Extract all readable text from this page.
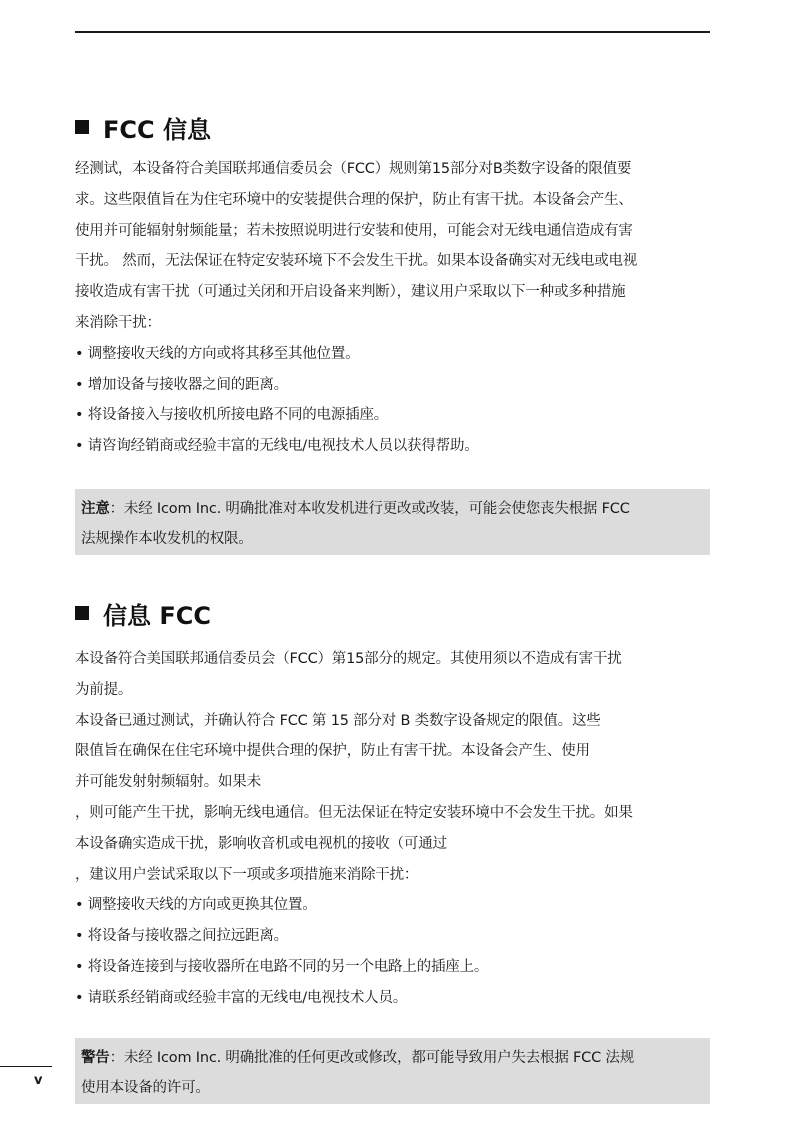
FCC 信息

经测试，本设备符合美国联邦通信委员会（FCC）规则第15部分对B类数字设备的限值要

求。这些限值旨在为住宅环境中的安装提供合理的保护，防止有害干扰。本设备会产生、

使用并可能辐射射频能量；若未按照说明进行安装和使用，可能会对无线电通信造成有害

干扰。 然而，无法保证在特定安装环境下不会发生干扰。如果本设备确实对无线电或电视

接收造成有害干扰（可通过关闭和开启设备来判断），建议用户采取以下一种或多种措施

来消除干扰：

• 调整接收天线的方向或将其移至其他位置。

• 增加设备与接收器之间的距离。

• 将设备接入与接收机所接电路不同的电源插座。

• 请咨询经销商或经验丰富的无线电/电视技术人员以获得帮助。

注意：未经 Icom Inc. 明确批准对本收发机进行更改或改装，可能会使您丧失根据 FCC
法规操作本收发机的权限。
信息 FCC

本设备符合美国联邦通信委员会（FCC）第15部分的规定。其使用须以不造成有害干扰

为前提。

本设备已通过测试，并确认符合 FCC 第 15 部分对 B 类数字设备规定的限值。这些

限值旨在确保在住宅环境中提供合理的保护，防止有害干扰。本设备会产生、使用

并可能发射射频辐射。如果未

，则可能产生干扰，影响无线电通信。但无法保证在特定安装环境中不会发生干扰。如果

本设备确实造成干扰，影响收音机或电视机的接收（可通过

，建议用户尝试采取以下一项或多项措施来消除干扰：

• 调整接收天线的方向或更换其位置。

• 将设备与接收器之间拉远距离。

• 将设备连接到与接收器所在电路不同的另一个电路上的插座上。

• 请联系经销商或经验丰富的无线电/电视技术人员。

警告：未经 Icom Inc. 明确批准的任何更改或修改，都可能导致用户失去根据 FCC 法规
使用本设备的许可。
v
